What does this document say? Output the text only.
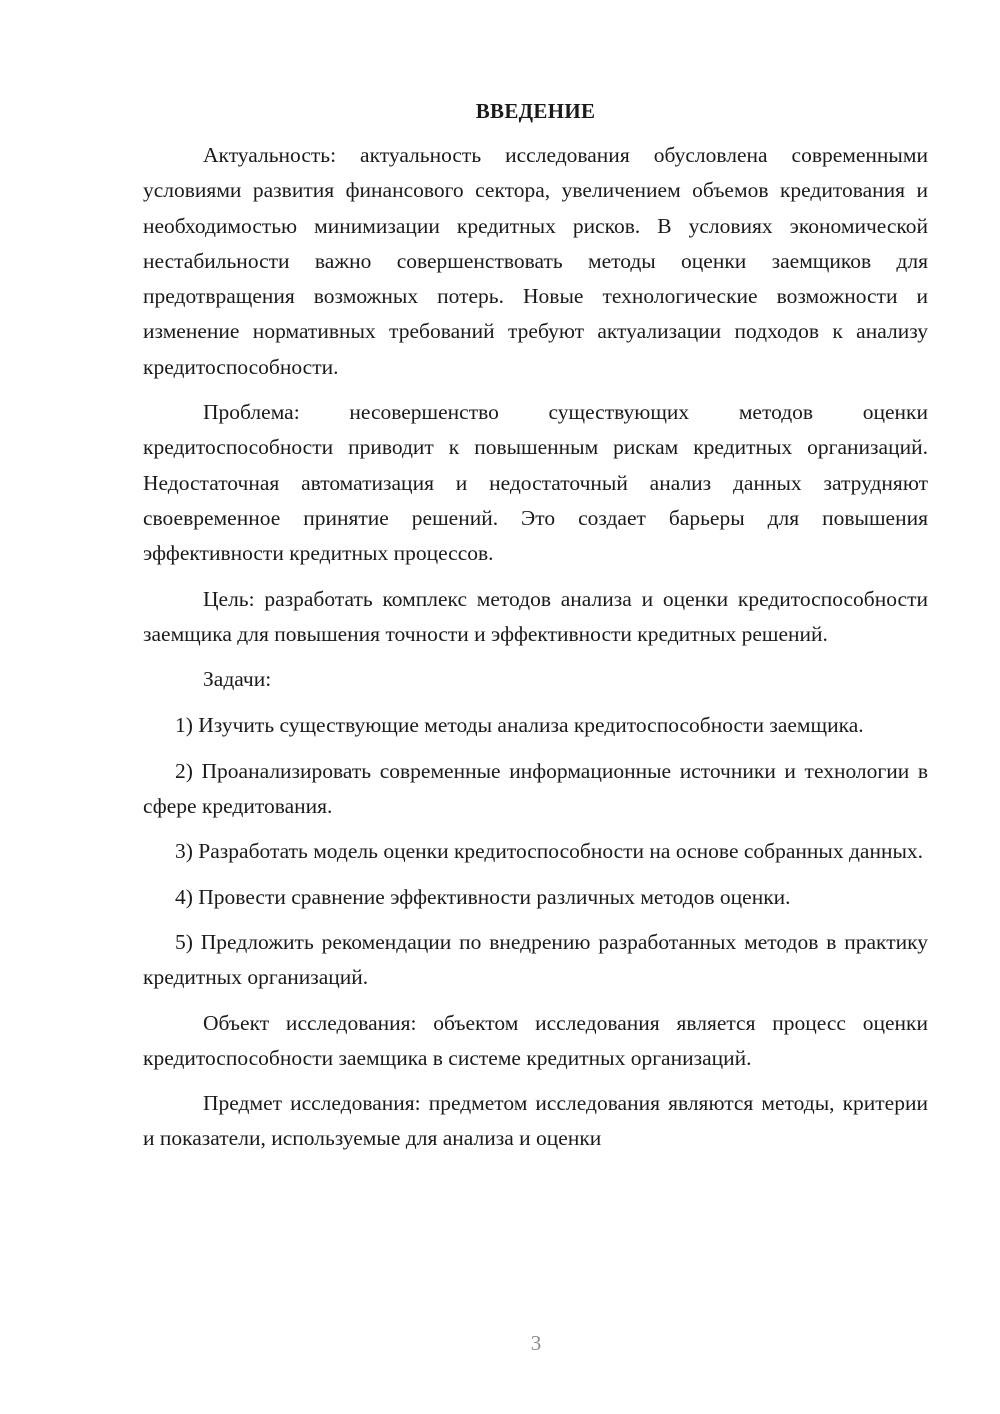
ВВЕДЕНИЕ

Актуальность: актуальность исследования обусловлена современными условиями развития финансового сектора, увеличением объемов кредитования и необходимостью минимизации кредитных рисков. В условиях экономической нестабильности важно совершенствовать методы оценки заемщиков для предотвращения возможных потерь. Новые технологические возможности и изменение нормативных требований требуют актуализации подходов к анализу кредитоспособности.

Проблема: несовершенство существующих методов оценки кредитоспособности приводит к повышенным рискам кредитных организаций. Недостаточная автоматизация и недостаточный анализ данных затрудняют своевременное принятие решений. Это создает барьеры для повышения эффективности кредитных процессов.

Цель: разработать комплекс методов анализа и оценки кредитоспособности заемщика для повышения точности и эффективности кредитных решений.

Задачи:

1) Изучить существующие методы анализа кредитоспособности заемщика.

2) Проанализировать современные информационные источники и технологии в сфере кредитования.

3) Разработать модель оценки кредитоспособности на основе собранных данных.

4) Провести сравнение эффективности различных методов оценки.

5) Предложить рекомендации по внедрению разработанных методов в практику кредитных организаций.

Объект исследования: объектом исследования является процесс оценки кредитоспособности заемщика в системе кредитных организаций.

Предмет исследования: предметом исследования являются методы, критерии и показатели, используемые для анализа и оценки

3
